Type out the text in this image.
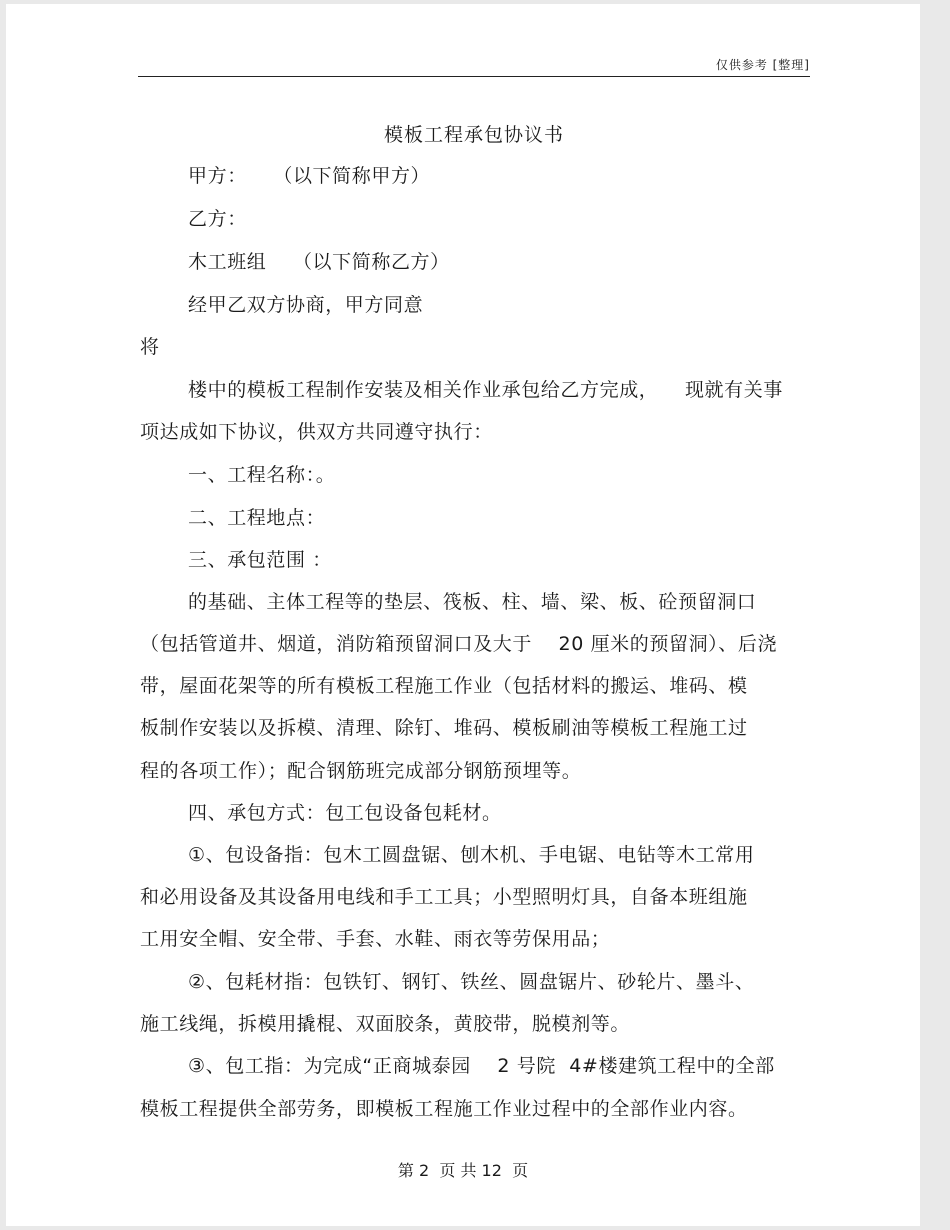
仅供参考 [整理]
模板工程承包协议书
甲方：    （以下简称甲方）
乙方：
木工班组    （以下简称乙方）
经甲乙双方协商，甲方同意
将
楼中的模板工程制作安装及相关作业承包给乙方完成，    现就有关事
项达成如下协议，供双方共同遵守执行：
一、工程名称：。
二、工程地点：
三、承包范围 ：
的基础、主体工程等的垫层、筏板、柱、墙、梁、板、砼预留洞口
（包括管道井、烟道，消防箱预留洞口及大于    20 厘米的预留洞）、后浇
带，屋面花架等的所有模板工程施工作业（包括材料的搬运、堆码、模
板制作安装以及拆模、清理、除钉、堆码、模板刷油等模板工程施工过
程的各项工作）；配合钢筋班完成部分钢筋预埋等。
四、承包方式：包工包设备包耗材。
①、包设备指：包木工圆盘锯、刨木机、手电锯、电钻等木工常用
和必用设备及其设备用电线和手工工具；小型照明灯具，自备本班组施
工用安全帽、安全带、手套、水鞋、雨衣等劳保用品；
②、包耗材指：包铁钉、钢钉、铁丝、圆盘锯片、砂轮片、墨斗、
施工线绳，拆模用撬棍、双面胶条，黄胶带，脱模剂等。
③、包工指：为完成“正商城泰园    2 号院  4#楼建筑工程中的全部
模板工程提供全部劳务，即模板工程施工作业过程中的全部作业内容。
第 2  页 共 12  页
